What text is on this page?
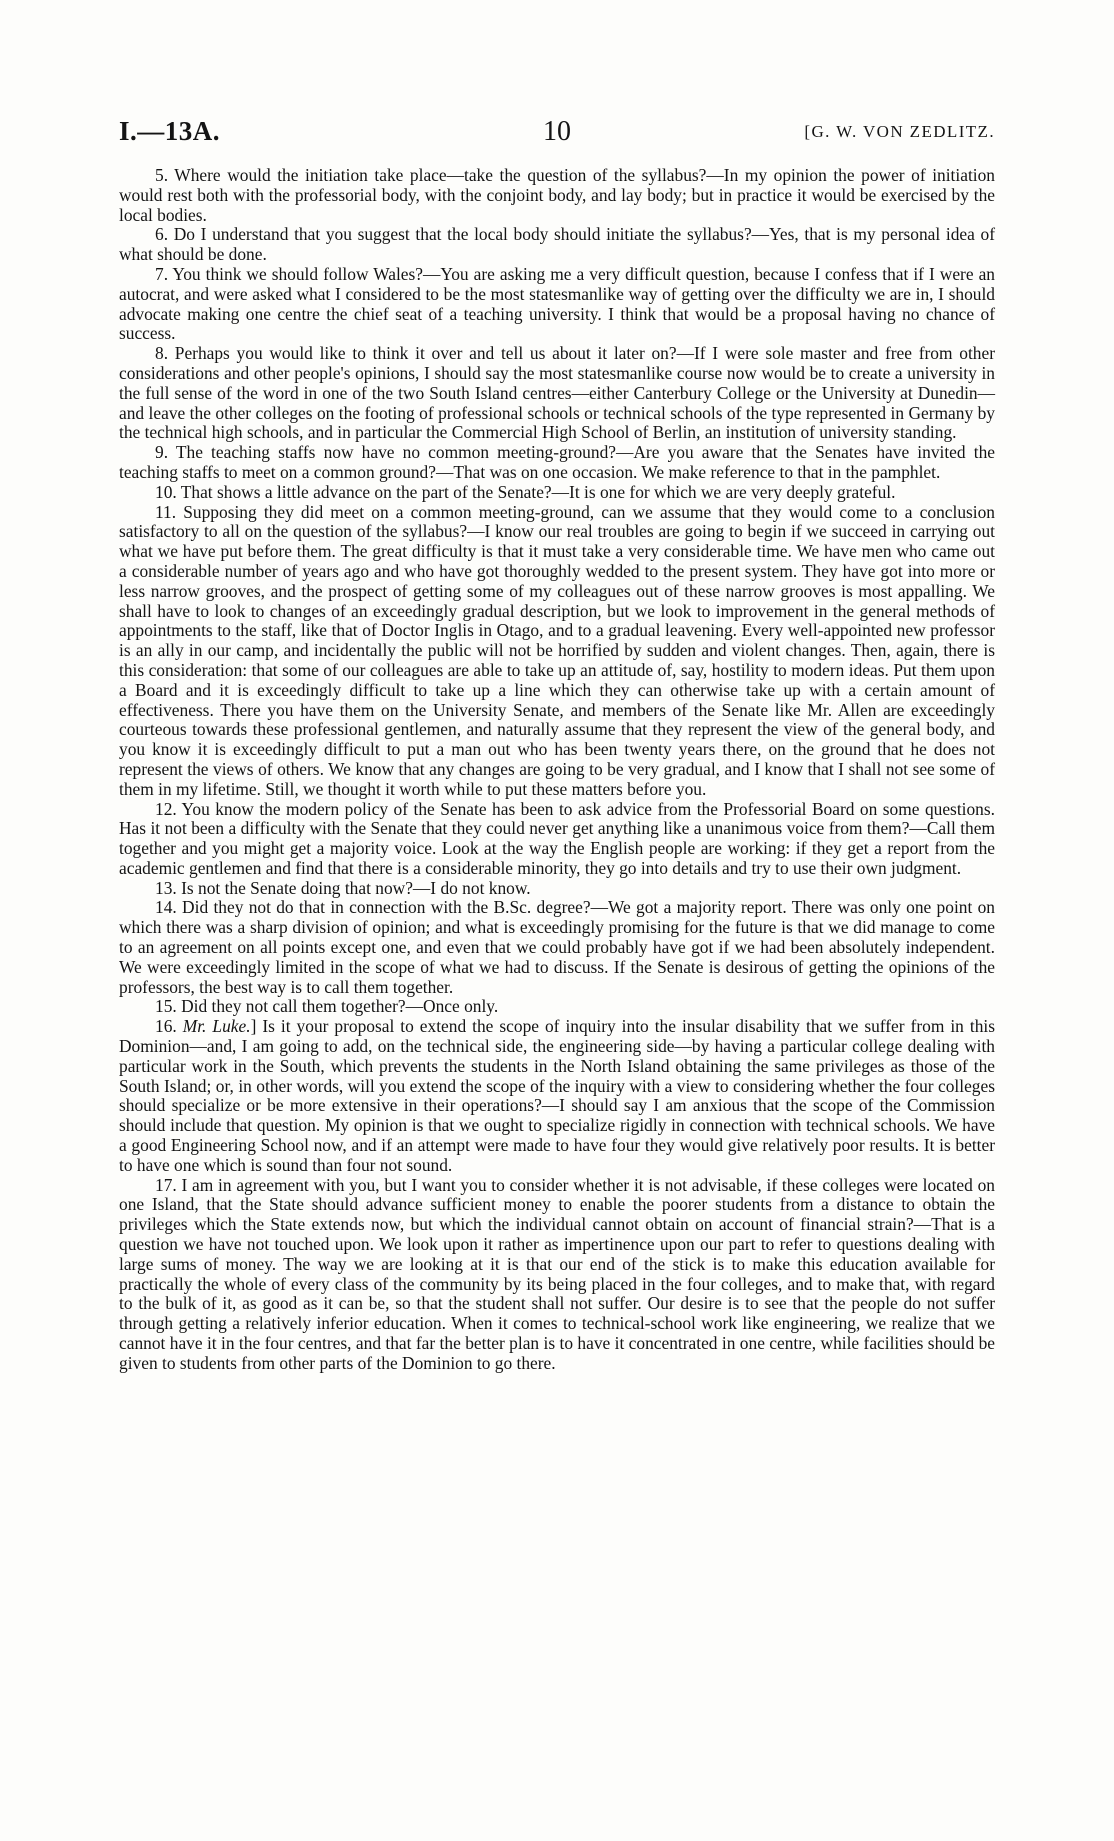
I.—13A.	10	[G. W. VON ZEDLITZ.

5. Where would the initiation take place—take the question of the syllabus?—In my opinion the power of initiation would rest both with the professorial body, with the conjoint body, and lay body; but in practice it would be exercised by the local bodies.

6. Do I understand that you suggest that the local body should initiate the syllabus?—Yes, that is my personal idea of what should be done.

7. You think we should follow Wales?—You are asking me a very difficult question, because I confess that if I were an autocrat, and were asked what I considered to be the most statesmanlike way of getting over the difficulty we are in, I should advocate making one centre the chief seat of a teaching university. I think that would be a proposal having no chance of success.

8. Perhaps you would like to think it over and tell us about it later on?—If I were sole master and free from other considerations and other people's opinions, I should say the most statesmanlike course now would be to create a university in the full sense of the word in one of the two South Island centres—either Canterbury College or the University at Dunedin—and leave the other colleges on the footing of professional schools or technical schools of the type represented in Germany by the technical high schools, and in particular the Commercial High School of Berlin, an institution of university standing.

9. The teaching staffs now have no common meeting-ground?—Are you aware that the Senates have invited the teaching staffs to meet on a common ground?—That was on one occasion. We make reference to that in the pamphlet.

10. That shows a little advance on the part of the Senate?—It is one for which we are very deeply grateful.

11. Supposing they did meet on a common meeting-ground, can we assume that they would come to a conclusion satisfactory to all on the question of the syllabus?—I know our real troubles are going to begin if we succeed in carrying out what we have put before them. The great difficulty is that it must take a very considerable time. We have men who came out a considerable number of years ago and who have got thoroughly wedded to the present system. They have got into more or less narrow grooves, and the prospect of getting some of my colleagues out of these narrow grooves is most appalling. We shall have to look to changes of an exceedingly gradual description, but we look to improvement in the general methods of appointments to the staff, like that of Doctor Inglis in Otago, and to a gradual leavening. Every well-appointed new professor is an ally in our camp, and incidentally the public will not be horrified by sudden and violent changes. Then, again, there is this consideration: that some of our colleagues are able to take up an attitude of, say, hostility to modern ideas. Put them upon a Board and it is exceedingly difficult to take up a line which they can otherwise take up with a certain amount of effectiveness. There you have them on the University Senate, and members of the Senate like Mr. Allen are exceedingly courteous towards these professional gentlemen, and naturally assume that they represent the view of the general body, and you know it is exceedingly difficult to put a man out who has been twenty years there, on the ground that he does not represent the views of others. We know that any changes are going to be very gradual, and I know that I shall not see some of them in my lifetime. Still, we thought it worth while to put these matters before you.

12. You know the modern policy of the Senate has been to ask advice from the Professorial Board on some questions. Has it not been a difficulty with the Senate that they could never get anything like a unanimous voice from them?—Call them together and you might get a majority voice. Look at the way the English people are working: if they get a report from the academic gentlemen and find that there is a considerable minority, they go into details and try to use their own judgment.

13. Is not the Senate doing that now?—I do not know.

14. Did they not do that in connection with the B.Sc. degree?—We got a majority report. There was only one point on which there was a sharp division of opinion; and what is exceedingly promising for the future is that we did manage to come to an agreement on all points except one, and even that we could probably have got if we had been absolutely independent. We were exceedingly limited in the scope of what we had to discuss. If the Senate is desirous of getting the opinions of the professors, the best way is to call them together.

15. Did they not call them together?—Once only.

16. Mr. Luke.] Is it your proposal to extend the scope of inquiry into the insular disability that we suffer from in this Dominion—and, I am going to add, on the technical side, the engineering side—by having a particular college dealing with particular work in the South, which prevents the students in the North Island obtaining the same privileges as those of the South Island; or, in other words, will you extend the scope of the inquiry with a view to considering whether the four colleges should specialize or be more extensive in their operations?—I should say I am anxious that the scope of the Commission should include that question. My opinion is that we ought to specialize rigidly in connection with technical schools. We have a good Engineering School now, and if an attempt were made to have four they would give relatively poor results. It is better to have one which is sound than four not sound.

17. I am in agreement with you, but I want you to consider whether it is not advisable, if these colleges were located on one Island, that the State should advance sufficient money to enable the poorer students from a distance to obtain the privileges which the State extends now, but which the individual cannot obtain on account of financial strain?—That is a question we have not touched upon. We look upon it rather as impertinence upon our part to refer to questions dealing with large sums of money. The way we are looking at it is that our end of the stick is to make this education available for practically the whole of every class of the community by its being placed in the four colleges, and to make that, with regard to the bulk of it, as good as it can be, so that the student shall not suffer. Our desire is to see that the people do not suffer through getting a relatively inferior education. When it comes to technical-school work like engineering, we realize that we cannot have it in the four centres, and that far the better plan is to have it concentrated in one centre, while facilities should be given to students from other parts of the Dominion to go there.
